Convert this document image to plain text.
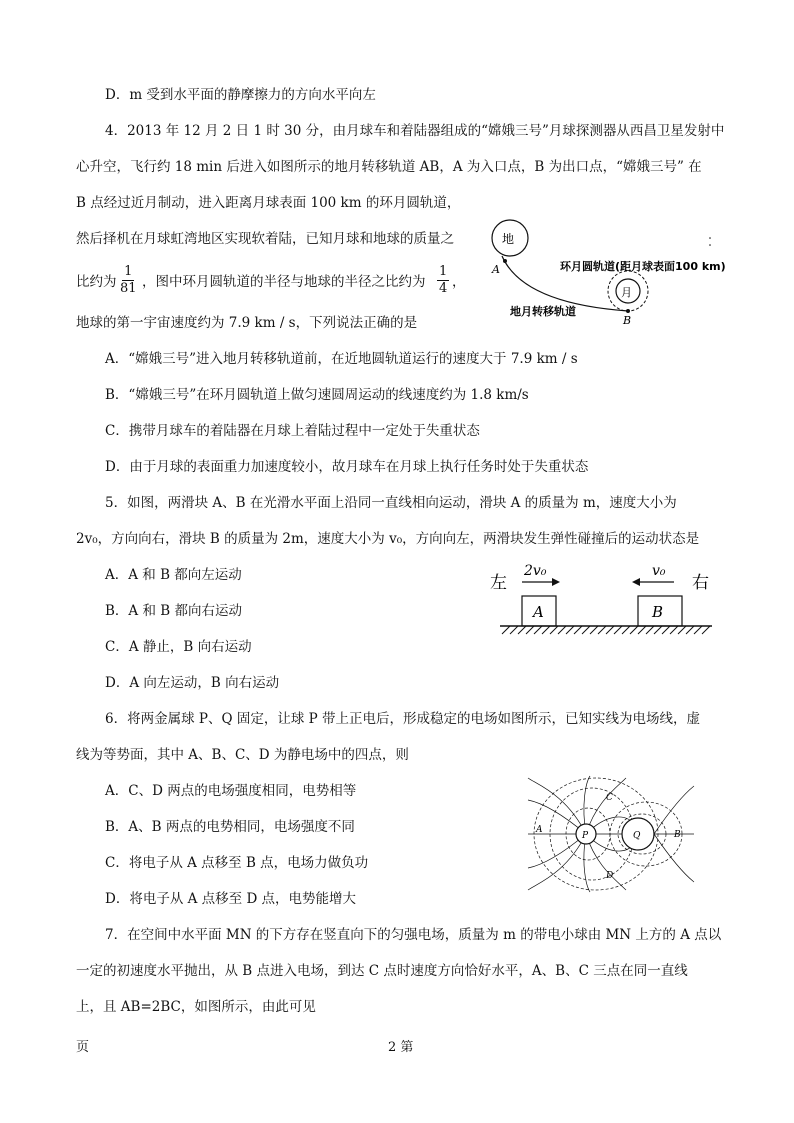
D．m 受到水平面的静摩擦力的方向水平向左
4．2013 年 12 月 2 日 1 时 30 分，由月球车和着陆器组成的“嫦娥三号”月球探测器从西昌卫星发射中
心升空，飞行约 18 min 后进入如图所示的地月转移轨道 AB，A 为入口点，B 为出口点，“嫦娥三号” 在
B 点经过近月制动，进入距离月球表面 100 km 的环月圆轨道，
然后择机在月球虹湾地区实现软着陆，已知月球和地球的质量之
比约为 $\frac{1}{81}$ ，图中环月圆轨道的半径与地球的半径之比约为 $\frac{1}{4}$ ，
地球的第一宇宙速度约为 7.9 km / s，下列说法正确的是
A．“嫦娥三号”进入地月转移轨道前，在近地圆轨道运行的速度大于 7.9 km / s
B．“嫦娥三号”在环月圆轨道上做匀速圆周运动的线速度约为 1.8 km/s
C．携带月球车的着陆器在月球上着陆过程中一定处于失重状态
D．由于月球的表面重力加速度较小，故月球车在月球上执行任务时处于失重状态
地
A
月
B
环月圆轨道(距月球表面100 km)
地月转移轨道
5．如图，两滑块 A、B 在光滑水平面上沿同一直线相向运动，滑块 A 的质量为 m，速度大小为
2v₀，方向向右，滑块 B 的质量为 2m，速度大小为 v₀，方向向左，两滑块发生弹性碰撞后的运动状态是
A．A 和 B 都向左运动
B．A 和 B 都向右运动
C．A 静止，B 向右运动
D．A 向左运动，B 向右运动
左	右
2v₀	v₀
A	B
6．将两金属球 P、Q 固定，让球 P 带上正电后，形成稳定的电场如图所示，已知实线为电场线，虚
线为等势面，其中 A、B、C、D 为静电场中的四点，则
A．C、D 两点的电场强度相同，电势相等
B．A、B 两点的电势相同，电场强度不同
C．将电子从 A 点移至 B 点，电场力做负功
D．将电子从 A 点移至 D 点，电势能增大
P	Q
A	B
C
D
7．在空间中水平面 MN 的下方存在竖直向下的匀强电场，质量为 m 的带电小球由 MN 上方的 A 点以
一定的初速度水平抛出，从 B 点进入电场，到达 C 点时速度方向恰好水平，A、B、C 三点在同一直线
上，且 AB=2BC，如图所示，由此可见
页	2 第
